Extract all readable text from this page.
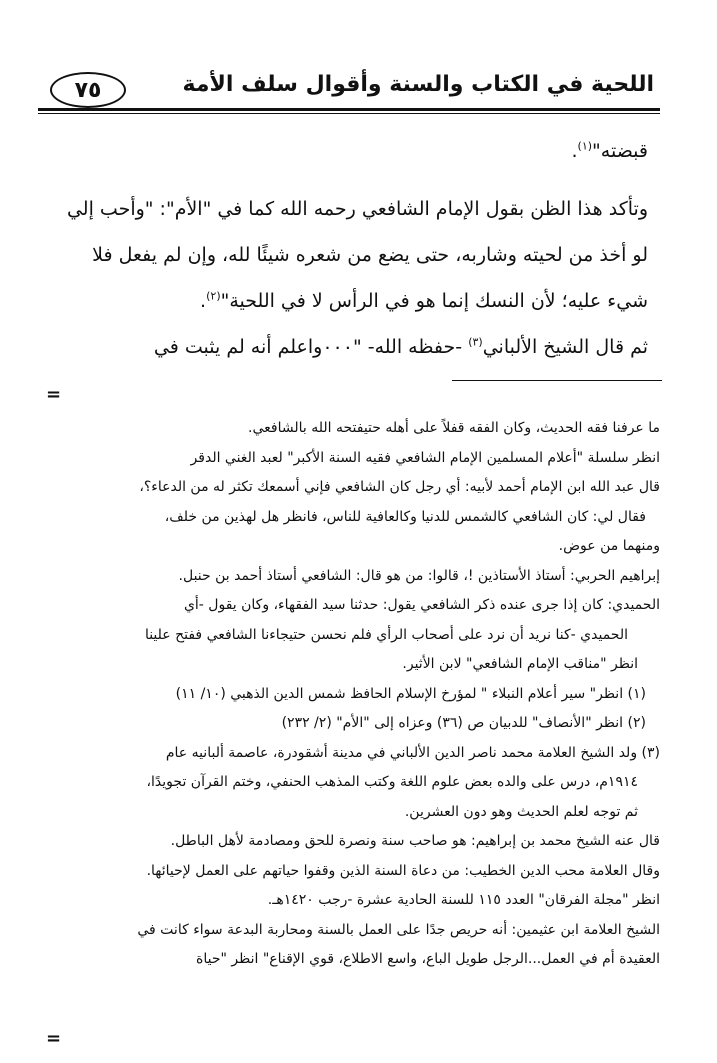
٧٥	اللحية في الكتاب والسنة وأقوال سلف الأمة

قبضته"$^{(١)}$.

وتأكد هذا الظن بقول الإمام الشافعي رحمه الله كما في "الأم": "وأحب إلي

لو أخذ من لحيته وشاربه، حتى يضع من شعره شيئًا لله، وإن لم يفعل فلا

شيء عليه؛ لأن النسك إنما هو في الرأس لا في اللحية"$^{(٢)}$.

ثم قال الشيخ الألباني$^{(٣)}$ -حفظه الله- "٠٠٠واعلم أنه لم يثبت في

=

ما عرفنا فقه الحديث، وكان الفقه قفلاً على أهله حتيفتحه الله بالشافعي.

انظر سلسلة "أعلام المسلمين الإمام الشافعي فقيه السنة الأكبر" لعبد الغني الدقر

قال عبد الله ابن الإمام أحمد لأبيه: أي رجل كان الشافعي فإني أسمعك تكثر له من الدعاء؟،

فقال لي: كان الشافعي كالشمس للدنيا وكالعافية للناس، فانظر هل لهذين من خلف،

ومنهما من عوض.

إبراهيم الحربي: أستاذ الأستاذين !، قالوا: من هو قال: الشافعي أستاذ أحمد بن حنبل.

الحميدي: كان إذا جرى عنده ذكر الشافعي يقول: حدثنا سيد الفقهاء، وكان يقول -أي

الحميدي -كنا نريد أن نرد على أصحاب الرأي فلم نحسن حتيجاءنا الشافعي ففتح علينا

انظر "مناقب الإمام الشافعي" لابن الأثير.

(١) انظر" سير أعلام النبلاء " لمؤرخ الإسلام الحافظ شمس الدين الذهبي (١٠/ ١١)

(٢) انظر "الأنصاف" للدبيان ص (٣٦) وعزاه إلى "الأم" (٢/ ٢٣٢)

(٣) ولد الشيخ العلامة محمد ناصر الدين الألباني في مدينة أشقودرة، عاصمة ألبانيه عام

١٩١٤م، درس على والده بعض علوم اللغة وكتب المذهب الحنفي، وختم القرآن تجويدًا،

ثم توجه لعلم الحديث وهو دون العشرين.

قال عنه الشيخ محمد بن إبراهيم: هو صاحب سنة ونصرة للحق ومصادمة لأهل الباطل.

وقال العلامة محب الدين الخطيب: من دعاة السنة الذين وقفوا حياتهم على العمل لإحيائها.

انظر "مجلة الفرقان" العدد ١١٥ للسنة الحادية عشرة -رجب ١٤٢٠هـ.

الشيخ العلامة ابن عثيمين: أنه حريص جدًا على العمل بالسنة ومحاربة البدعة سواء كانت في

العقيدة أم في العمل...الرجل طويل الباع، واسع الاطلاع، قوي الإقناع" انظر "حياة

=
